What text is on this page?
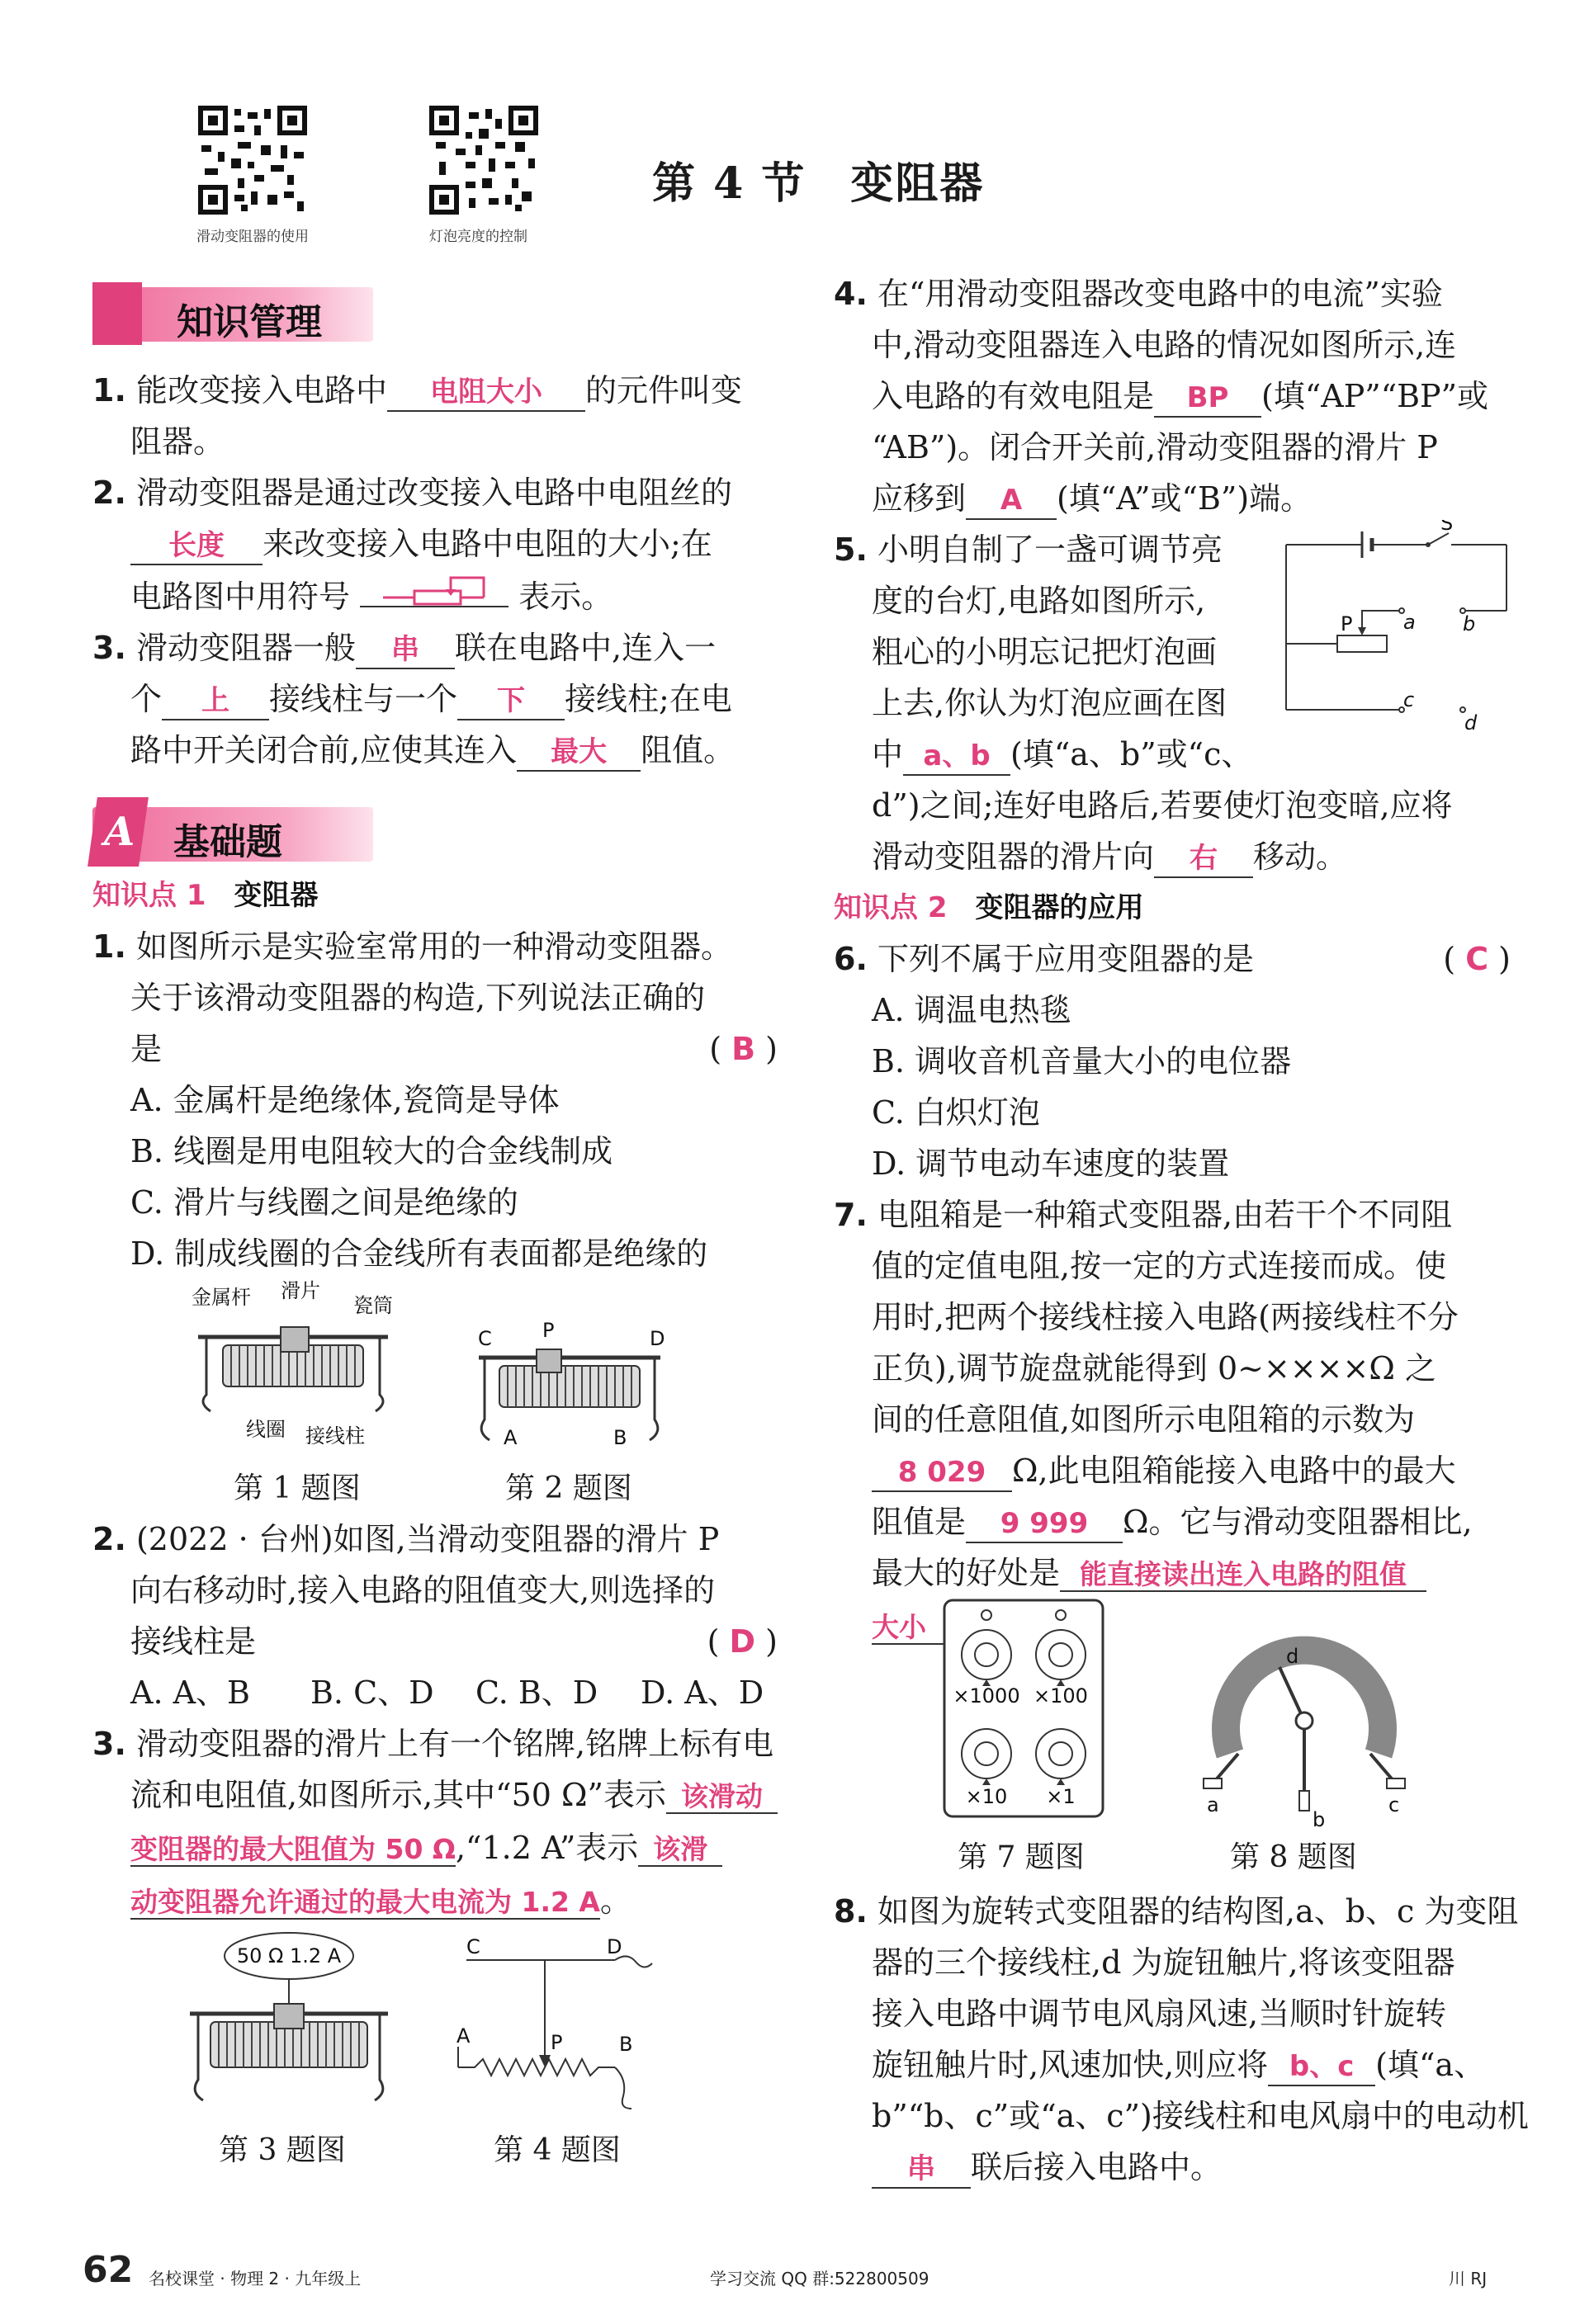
滑动变阻器的使用	灯泡亮度的控制
第 4 节　变阻器
知识管理
1. 能改变接入电路中 电阻大小 的元件叫变
阻器。
2. 滑动变阻器是通过改变接入电路中电阻丝的
长度 来改变接入电路中电阻的大小;在
电路图中用符号	表示。
3. 滑动变阻器一般 串 联在电路中,连入一
个 上 接线柱与一个 下 接线柱;在电
路中开关闭合前,应使其连入 最大 阻值。
A 基础题
知识点 1 变阻器
1. 如图所示是实验室常用的一种滑动变阻器。
关于该滑动变阻器的构造,下列说法正确的
是	( B )
A. 金属杆是绝缘体,瓷筒是导体
B. 线圈是用电阻较大的合金线制成
C. 滑片与线圈之间是绝缘的
D. 制成线圈的合金线所有表面都是绝缘的
金属杆 滑片
瓷筒
线圈 接线柱
第 1 题图
C	P	D
A	B
第 2 题图
2. (2022 · 台州)如图,当滑动变阻器的滑片 P
向右移动时,接入电路的阻值变大,则选择的
接线柱是	( D )
A. A、B B. C、D C. B、D D. A、D
3. 滑动变阻器的滑片上有一个铭牌,铭牌上标有电
流和电阻值,如图所示,其中“50 Ω”表示 该滑动
变阻器的最大阻值为 50 Ω,“1.2 A”表示 该滑
动变阻器允许通过的最大电流为 1.2 A。
50 Ω 1.2 A
第 3 题图
C	D
A	P	B
第 4 题图
4. 在“用滑动变阻器改变电路中的电流”实验
中,滑动变阻器连入电路的情况如图所示,连
入电路的有效电阻是 BP (填“AP”“BP”或
“AB”)。闭合开关前,滑动变阻器的滑片 P
应移到 A (填“A”或“B”)端。
5. 小明自制了一盏可调节亮
度的台灯,电路如图所示,
粗心的小明忘记把灯泡画
上去,你认为灯泡应画在图
中 a、b (填“a、b”或“c、
d”)之间;连好电路后,若要使灯泡变暗,应将
滑动变阻器的滑片向 右 移动。
知识点 2 变阻器的应用
6. 下列不属于应用变阻器的是	( C )
A. 调温电热毯
B. 调收音机音量大小的电位器
C. 白炽灯泡
D. 调节电动车速度的装置
7. 电阻箱是一种箱式变阻器,由若干个不同阻
值的定值电阻,按一定的方式连接而成。使
用时,把两个接线柱接入电路(两接线柱不分
正负),调节旋盘就能得到 0~××××Ω 之
间的任意阻值,如图所示电阻箱的示数为
8 029 Ω,此电阻箱能接入电路中的最大
阻值是 9 999 Ω。它与滑动变阻器相比,
最大的好处是 能直接读出连入电路的阻值
大小
S
P	a b
c
d
×1000 ×100
×10 ×1
第 7 题图
d
a
b
c
第 8 题图
8. 如图为旋转式变阻器的结构图,a、b、c 为变阻
器的三个接线柱,d 为旋钮触片,将该变阻器
接入电路中调节电风扇风速,当顺时针旋转
旋钮触片时,风速加快,则应将 b、c (填“a、
b”“b、c”或“a、c”)接线柱和电风扇中的电动机
串 联后接入电路中。
62 名校课堂 · 物理 2 · 九年级上	学习交流 QQ 群:522800509	川 RJ
